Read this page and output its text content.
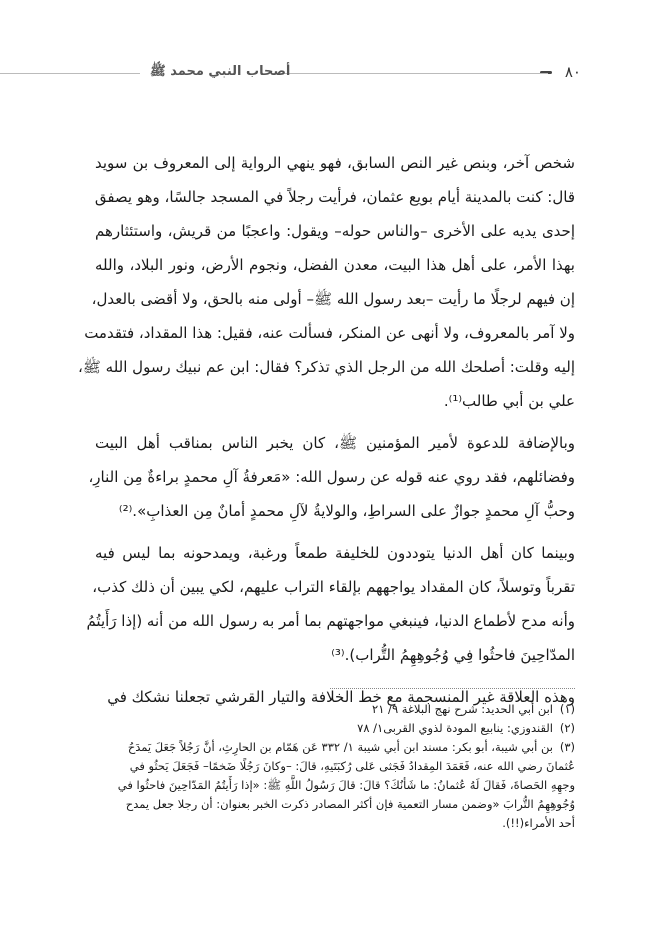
٨٠
أصحاب النبي محمد ﷺ
شخص آخر، وبنص غير النص السابق، فهو ينهي الرواية إلى المعروف بن سويد
قال: كنت بالمدينة أيام بويع عثمان، فرأيت رجلاً في المسجد جالسًا، وهو يصفق
إحدى يديه على الأخرى –والناس حوله– ويقول: واعجبًا من قريش، واستئثارهم
بهذا الأمر، على أهل هذا البيت، معدن الفضل، ونجوم الأرض، ونور البلاد، والله
إن فيهم لرجلًا ما رأيت –بعد رسول الله ﷺ– أولى منه بالحق، ولا أقضى بالعدل،
ولا آمر بالمعروف، ولا أنهى عن المنكر، فسألت عنه، فقيل: هذا المقداد، فتقدمت
إليه وقلت: أصلحك الله من الرجل الذي تذكر؟ فقال: ابن عم نبيك رسول الله ﷺ،
علي بن أبي طالب⁽¹⁾.
وبالإضافة للدعوة لأمير المؤمنين ﷺ، كان يخبر الناس بمناقب أهل البيت
وفضائلهم، فقد روي عنه قوله عن رسول الله: «مَعرفةُ آلِ محمدٍ براءةٌ مِن النارِ،
وحبُّ آلِ محمدٍ جوازٌ على السراطِ، والولايةُ لآلِ محمدٍ أمانٌ مِن العذابِ».⁽²⁾
وبينما كان أهل الدنيا يتوددون للخليفة طمعاً ورغبة، ويمدحونه بما ليس فيه
تقرباً وتوسلاً، كان المقداد يواجههم بإلقاء التراب عليهم، لكي يبين أن ذلك كذب،
وأنه مدح لأطماع الدنيا، فينبغي مواجهتهم بما أمر به رسول الله من أنه (إذا رَأَيتُمُ
المدّاحِينَ فاحثُوا فِي وُجُوهِهِمُ التُّراب).⁽³⁾
وهذه العلاقة غير المنسجمة مع خط الخلافة والتيار القرشي تجعلنا نشكك في
(١)ابن أبي الحديد: شرح نهج البلاغة ٩/ ٢١
(٢)القندوزي: ينابيع المودة لذوي القربى١/ ٧٨
(٣)بن أبي شيبة، أبو بكر: مسند ابن أبي شيبة ١/ ٣٣٢ عَن هَمّام بن الحارِثِ، أنَّ رَجُلاً جَعَلَ يَمدَحُ
عُثمانَ رضي الله عنه، فَعَمَدَ المِقدادُ فَجَثى عَلى رُكبَتَيهِ، قالَ: –وكانَ رَجُلًا ضَخمًا– فَجَعَلَ يَحثُو في
وجهِهِ الحَصاةَ، فَقالَ لَهُ عُثمانُ: ما شَأنُكَ؟ قالَ: قالَ رَسُولُ اللَّهِ ﷺ: «إذا رَأَيتُمُ المَدّاحِينَ فاحثُوا في
وُجُوهِهِمُ التُّرابَ «وضمن مسار التعمية فإن أكثر المصادر ذكرت الخبر بعنوان: أن رجلا جعل يمدح
أحد الأمراء(!!).
